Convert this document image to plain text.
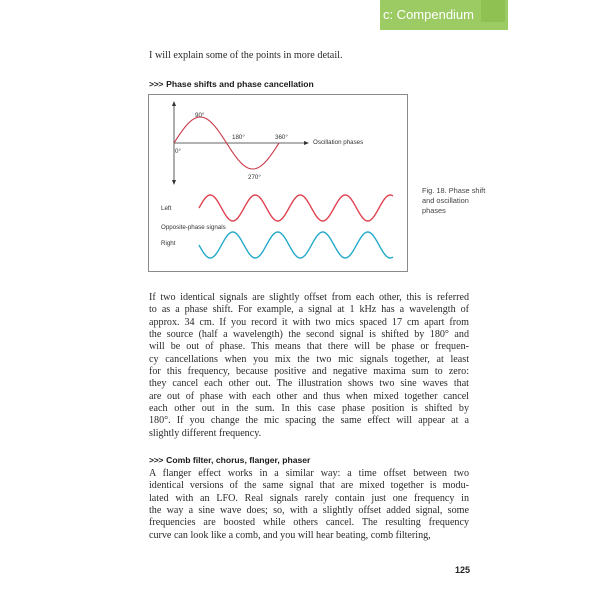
c: Compendium
I will explain some of the points in more detail.
>>> Phase shifts and phase cancellation
90°
0°
180°	360°
270°
Oscillation phases
Left
Opposite-phase signals
Right
Fig. 18. Phase shift and oscillation phases
If two identical signals are slightly offset from each other, this is referred
to as a phase shift. For example, a signal at 1 kHz has a wavelength of
approx. 34 cm. If you record it with two mics spaced 17 cm apart from
the source (half a wavelength) the second signal is shifted by 180° and
will be out of phase. This means that there will be phase or frequen-
cy cancellations when you mix the two mic signals together, at least
for this frequency, because positive and negative maxima sum to zero:
they cancel each other out. The illustration shows two sine waves that
are out of phase with each other and thus when mixed together cancel
each other out in the sum. In this case phase position is shifted by
180°. If you change the mic spacing the same effect will appear at a
slightly different frequency.
>>> Comb filter, chorus, flanger, phaser
A flanger effect works in a similar way: a time offset between two
identical versions of the same signal that are mixed together is modu-
lated with an LFO. Real signals rarely contain just one frequency in
the way a sine wave does; so, with a slightly offset added signal, some
frequencies are boosted while others cancel. The resulting frequency
curve can look like a comb, and you will hear beating, comb filtering,
125
